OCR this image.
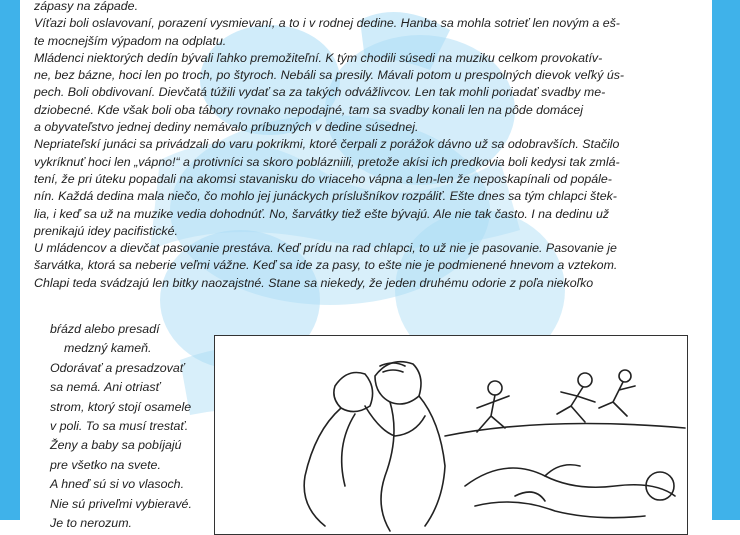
zápasy na západe.

Víťazi boli oslavovaní, porazení vysmievaní, a to i v rodnej dedine. Hanba sa mohla sotrieť len novým a eš-

te mocnejším výpadom na odplatu.

Mládenci niektorých dedín bývali ľahko premožiteľní. K tým chodili súsedi na muziku celkom provokatív-

ne, bez bázne, hoci len po troch, po štyroch. Nebáli sa presily. Mávali potom u prespolných dievok veľký ús-

pech. Boli obdivovaní. Dievčatá túžili vydať sa za takých odvážlivcov. Len tak mohli poriadať svadby me-

dziobecné. Kde však boli oba tábory rovnako nepodajné, tam sa svadby konali len na pôde domácej

a obyvateľstvo jednej dediny nemávalo príbuzných v dedine súsednej.

Nepriateľskí junáci sa privádzali do varu pokrikmi, ktoré čerpali z porážok dávno už sa odobravších. Stačilo

vykríknuť hoci len „vápno!“ a protivníci sa skoro poblázniili, pretože akísi ich predkovia boli kedysi tak zmlá-

tení, že pri úteku popadali na akomsi stavanisku do vriaceho vápna a len-len že neposkapínali od popále-

nín. Každá dedina mala niečo, čo mohlo jej junáckych príslušníkov rozpáliť. Ešte dnes sa tým chlapci štek-

lia, i keď sa už na muzike vedia dohodnúť. No, šarvátky tiež ešte bývajú. Ale nie tak často. I na dedinu už

prenikajú idey pacifistické.

U mládencov a dievčat pasovanie prestáva. Keď prídu na rad chlapci, to už nie je pasovanie. Pasovanie je

šarvátka, ktorá sa neberie veľmi vážne. Keď sa ide za pasy, to ešte nie je podmienené hnevom a vztekom.

Chlapi teda svádzajú len bitky naozajstné. Stane sa niekedy, že jeden druhému odorie z poľa niekoľko

bŕázd alebo presadí

medzný kameň.

Odorávať a presadzovať

sa nemá. Ani otriasť

strom, ktorý stojí osamele

v poli. To sa musí trestať.

Ženy a baby sa pobíjajú

pre všetko na svete.

A hneď sú si vo vlasoch.

Nie sú priveľmi vybieravé.

Je to nerozum.
